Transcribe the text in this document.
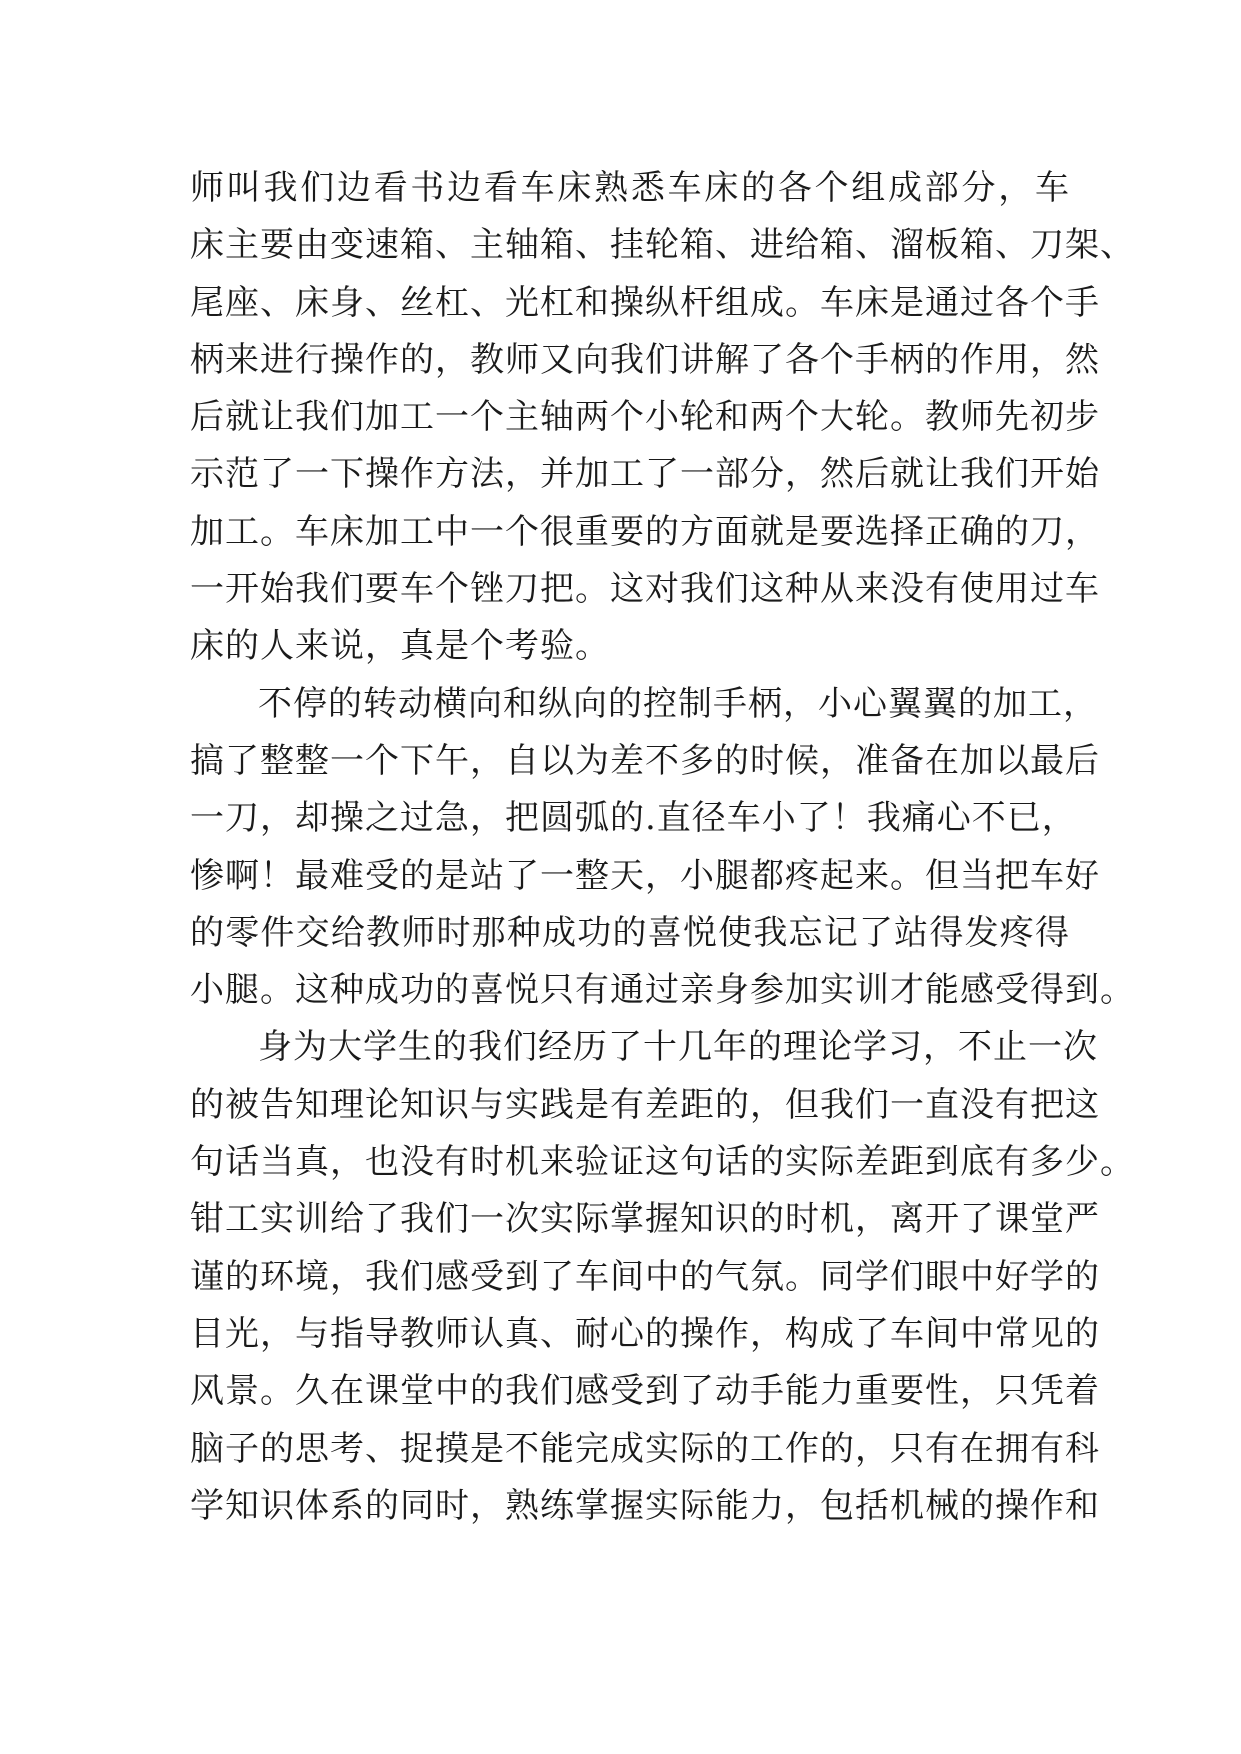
师叫我们边看书边看车床熟悉车床的各个组成部分，车
床主要由变速箱、主轴箱、挂轮箱、进给箱、溜板箱、刀架、
尾座、床身、丝杠、光杠和操纵杆组成。车床是通过各个手
柄来进行操作的，教师又向我们讲解了各个手柄的作用，然
后就让我们加工一个主轴两个小轮和两个大轮。教师先初步
示范了一下操作方法，并加工了一部分，然后就让我们开始
加工。车床加工中一个很重要的方面就是要选择正确的刀，
一开始我们要车个锉刀把。这对我们这种从来没有使用过车
床的人来说，真是个考验。
不停的转动横向和纵向的控制手柄，小心翼翼的加工，
搞了整整一个下午，自以为差不多的时候，准备在加以最后
一刀，却操之过急，把圆弧的.直径车小了！我痛心不已，
惨啊！最难受的是站了一整天，小腿都疼起来。但当把车好
的零件交给教师时那种成功的喜悦使我忘记了站得发疼得
小腿。这种成功的喜悦只有通过亲身参加实训才能感受得到。
身为大学生的我们经历了十几年的理论学习，不止一次
的被告知理论知识与实践是有差距的，但我们一直没有把这
句话当真，也没有时机来验证这句话的实际差距到底有多少。
钳工实训给了我们一次实际掌握知识的时机，离开了课堂严
谨的环境，我们感受到了车间中的气氛。同学们眼中好学的
目光，与指导教师认真、耐心的操作，构成了车间中常见的
风景。久在课堂中的我们感受到了动手能力重要性，只凭着
脑子的思考、捉摸是不能完成实际的工作的，只有在拥有科
学知识体系的同时，熟练掌握实际能力，包括机械的操作和
